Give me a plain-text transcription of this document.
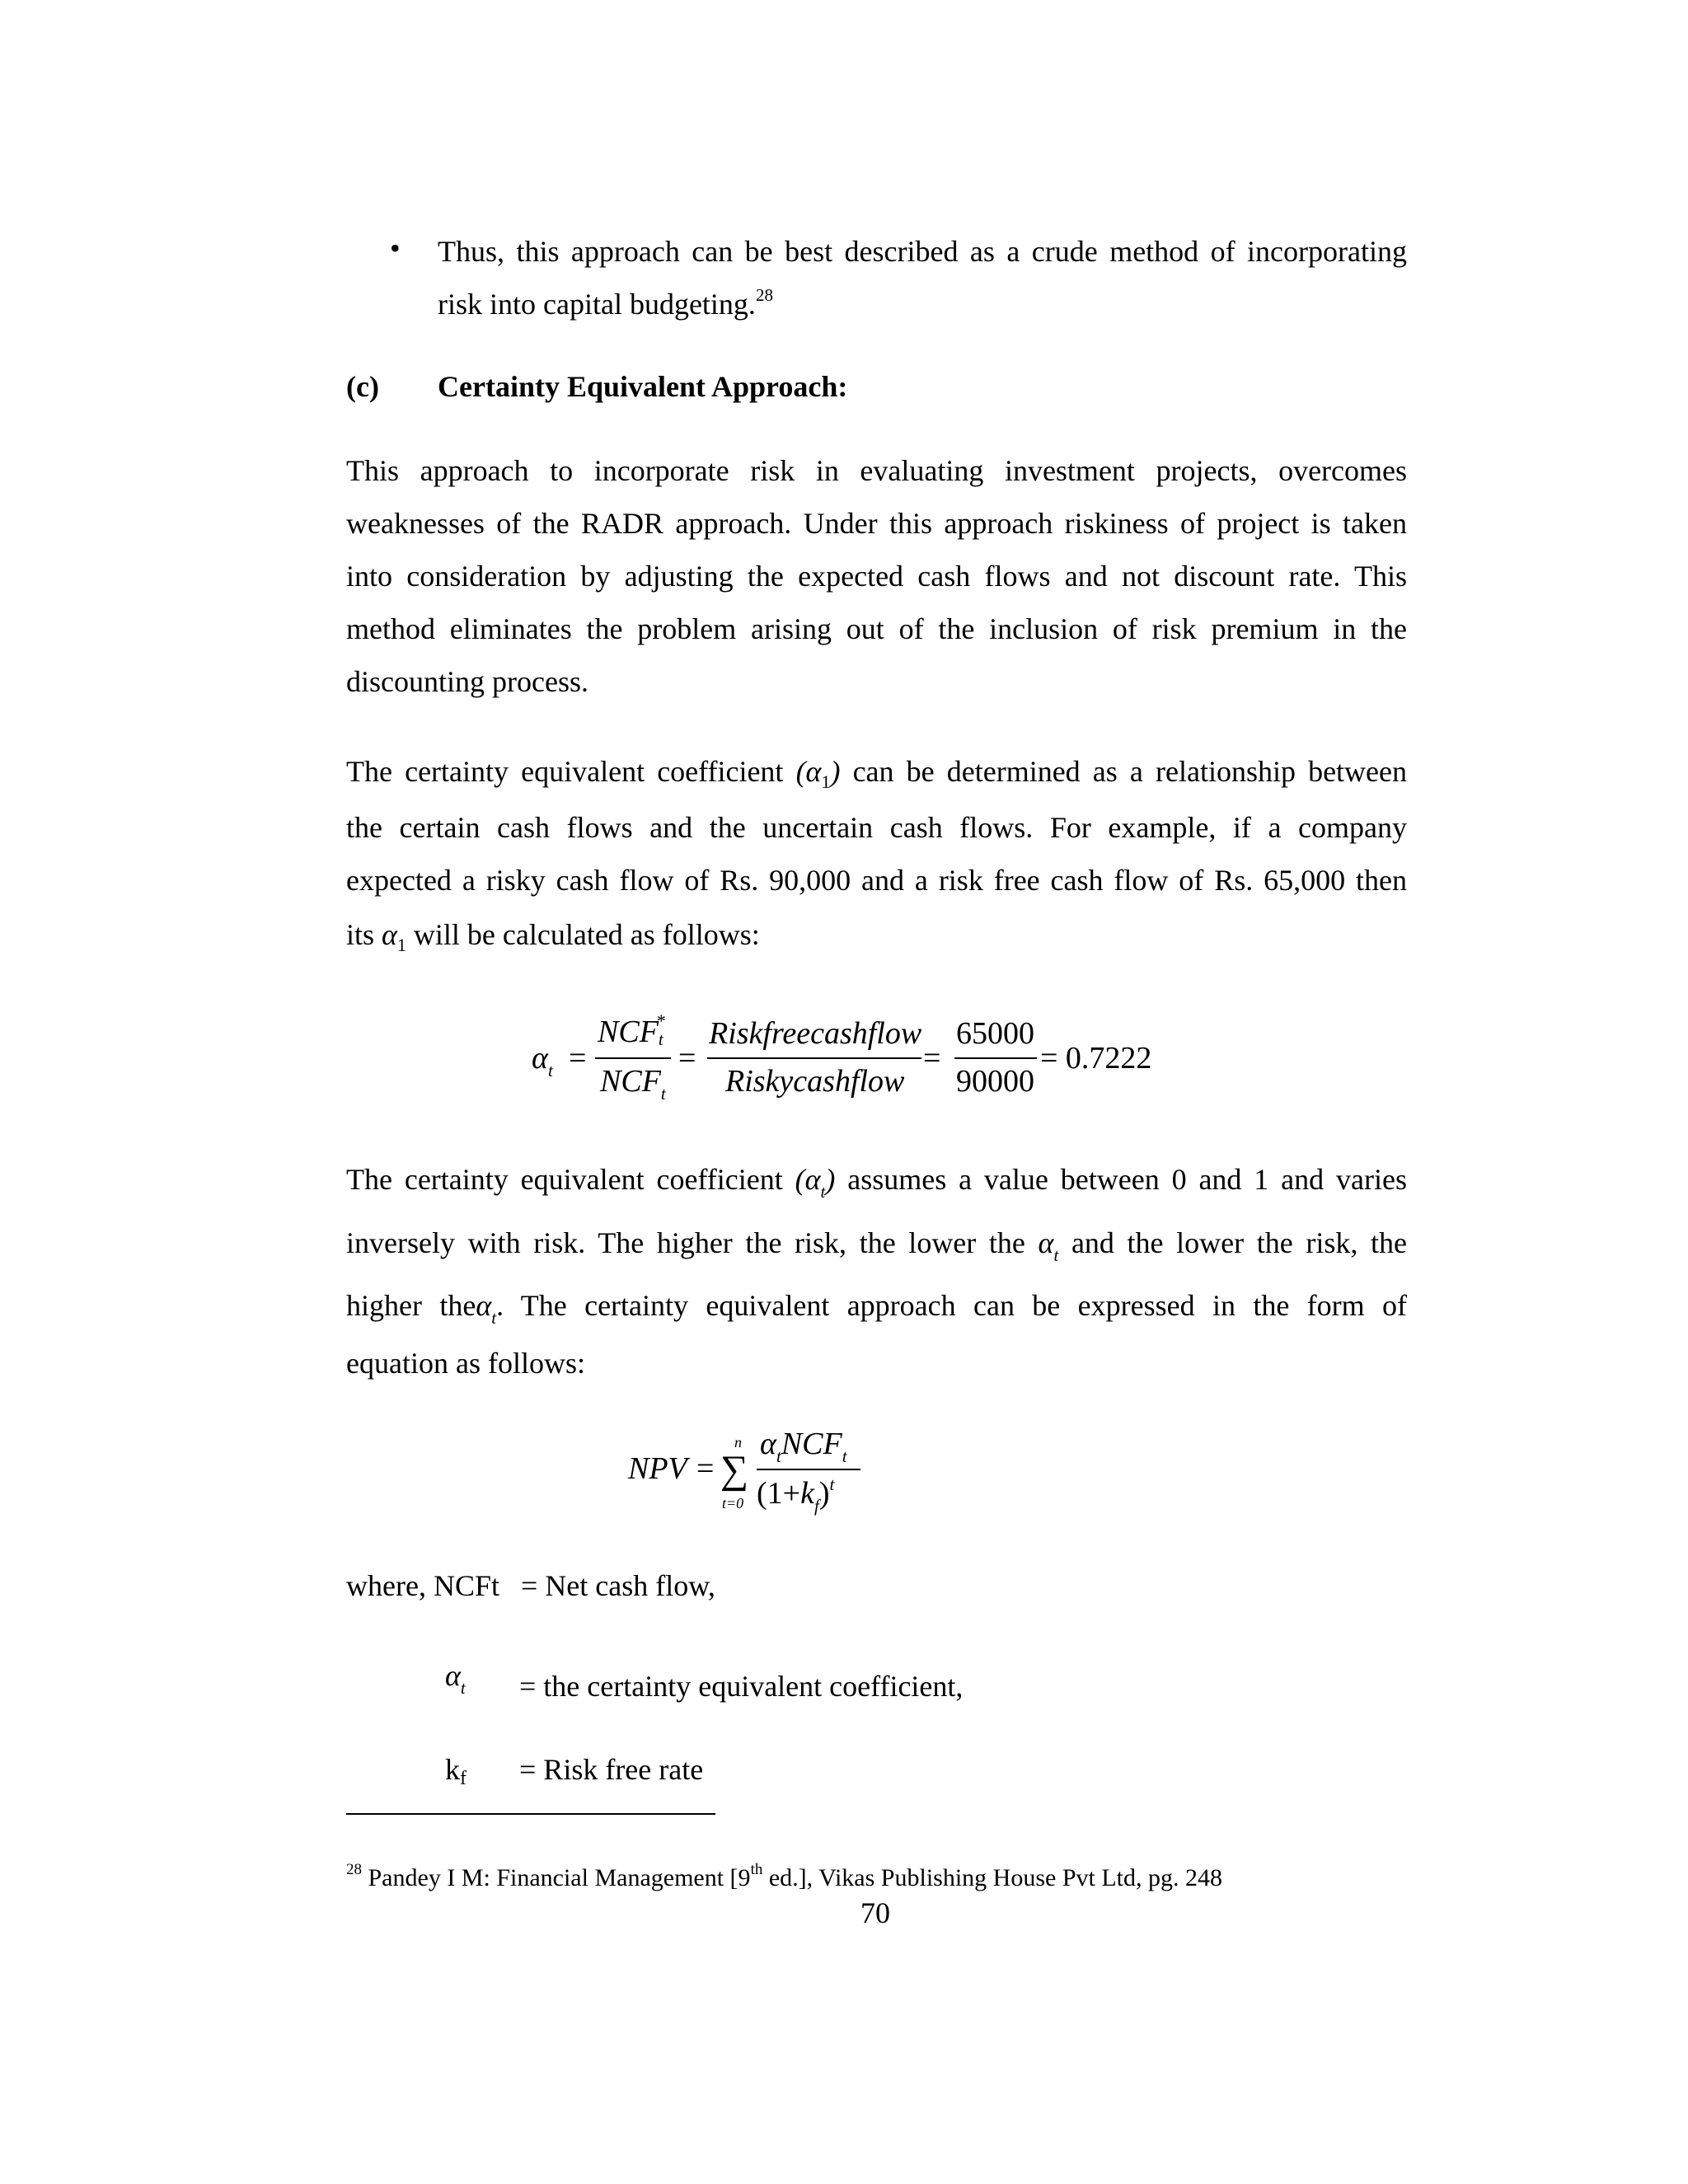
• Thus, this approach can be best described as a crude method of incorporating
risk into capital budgeting.$^{28}$
(c) Certainty Equivalent Approach:
This approach to incorporate risk in evaluating investment projects, overcomes
weaknesses of the RADR approach. Under this approach riskiness of project is taken
into consideration by adjusting the expected cash flows and not discount rate. This
method eliminates the problem arising out of the inclusion of risk premium in the
discounting process.
The certainty equivalent coefficient $(\alpha_1)$ can be determined as a relationship between
the certain cash flows and the uncertain cash flows. For example, if a company
expected a risky cash flow of Rs. 90,000 and a risk free cash flow of Rs. 65,000 then
its $\alpha_1$ will be calculated as follows:
$\alpha_t$ =
NCFt*
$NCF_t$
=
Riskfreecashflow
Riskycashflow
=
65000
90000
= 0.7222
The certainty equivalent coefficient $(\alpha_t)$ assumes a value between 0 and 1 and varies
inversely with risk. The higher the risk, the lower the $\alpha_t$ and the lower the risk, the
higher theα$_t$. The certainty equivalent approach can be expressed in the form of
equation as follows:
NPV =
n
∑
t=0
$\alpha_tNCF_t$
$(1+k_f)^t$
where, NCFt = Net cash flow,
$\alpha_t$ = the certainty equivalent coefficient,
kf = Risk free rate
$^{28}$ Pandey I M: Financial Management [9th ed.], Vikas Publishing House Pvt Ltd, pg. 248
70
